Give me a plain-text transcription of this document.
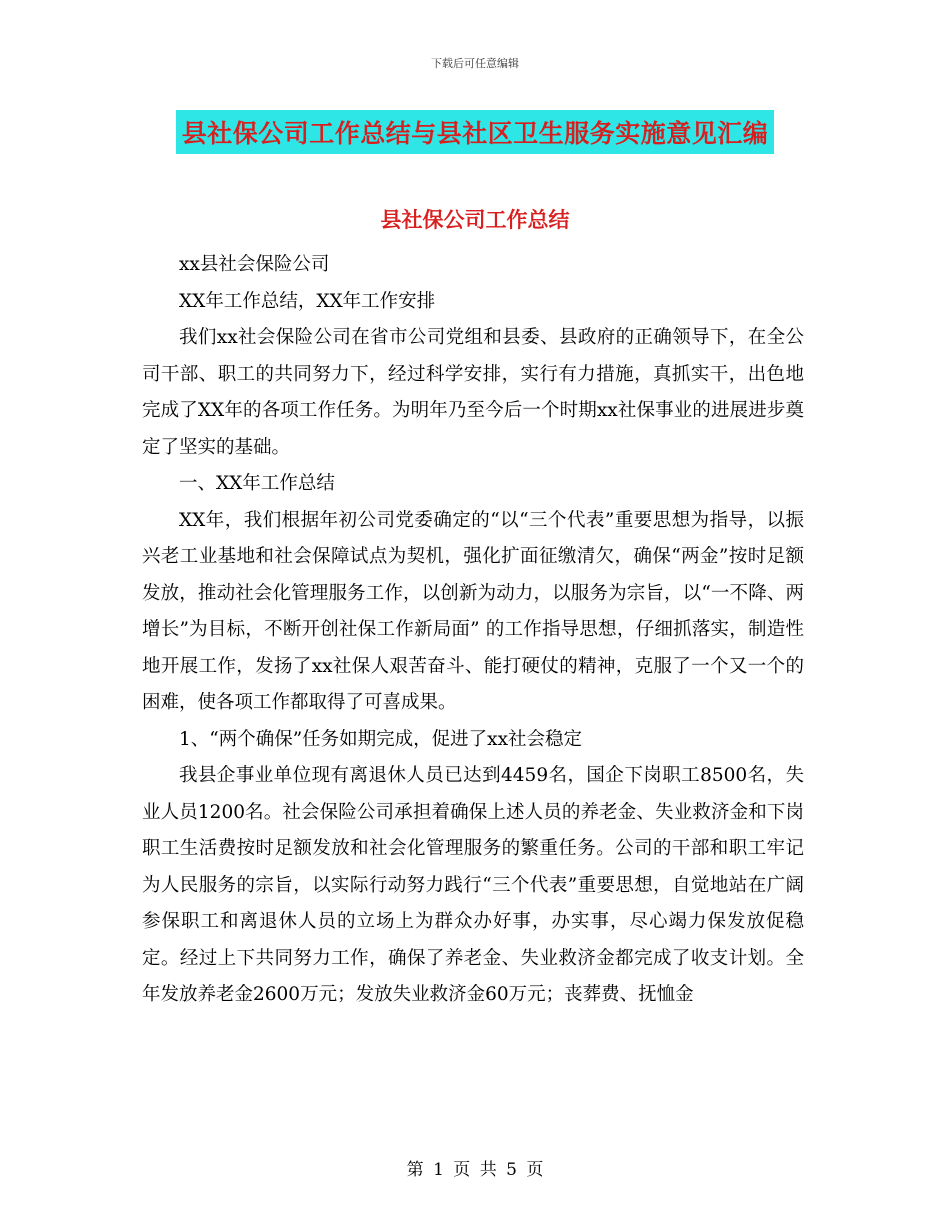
下载后可任意编辑
县社保公司工作总结与县社区卫生服务实施意见汇编
县社保公司工作总结

xx县社会保险公司

XX年工作总结，XX年工作安排

我们xx社会保险公司在省市公司党组和县委、县政府的正确领导下，在全公司干部、职工的共同努力下，经过科学安排，实行有力措施，真抓实干，出色地完成了XX年的各项工作任务。为明年乃至今后一个时期xx社保事业的进展进步奠定了坚实的基础。

一、XX年工作总结

XX年，我们根据年初公司党委确定的“以“三个代表”重要思想为指导，以振兴老工业基地和社会保障试点为契机，强化扩面征缴清欠，确保“两金”按时足额发放，推动社会化管理服务工作，以创新为动力，以服务为宗旨，以“一不降、两增长”为目标，不断开创社保工作新局面” 的工作指导思想，仔细抓落实，制造性地开展工作，发扬了xx社保人艰苦奋斗、能打硬仗的精神，克服了一个又一个的困难，使各项工作都取得了可喜成果。

1、“两个确保”任务如期完成，促进了xx社会稳定

我县企事业单位现有离退休人员已达到4459名，国企下岗职工8500名，失业人员1200名。社会保险公司承担着确保上述人员的养老金、失业救济金和下岗职工生活费按时足额发放和社会化管理服务的繁重任务。公司的干部和职工牢记为人民服务的宗旨，以实际行动努力践行“三个代表”重要思想，自觉地站在广阔参保职工和离退休人员的立场上为群众办好事，办实事，尽心竭力保发放促稳定。经过上下共同努力工作，确保了养老金、失业救济金都完成了收支计划。全年发放养老金2600万元；发放失业救济金60万元；丧葬费、抚恤金

第 1 页 共 5 页
